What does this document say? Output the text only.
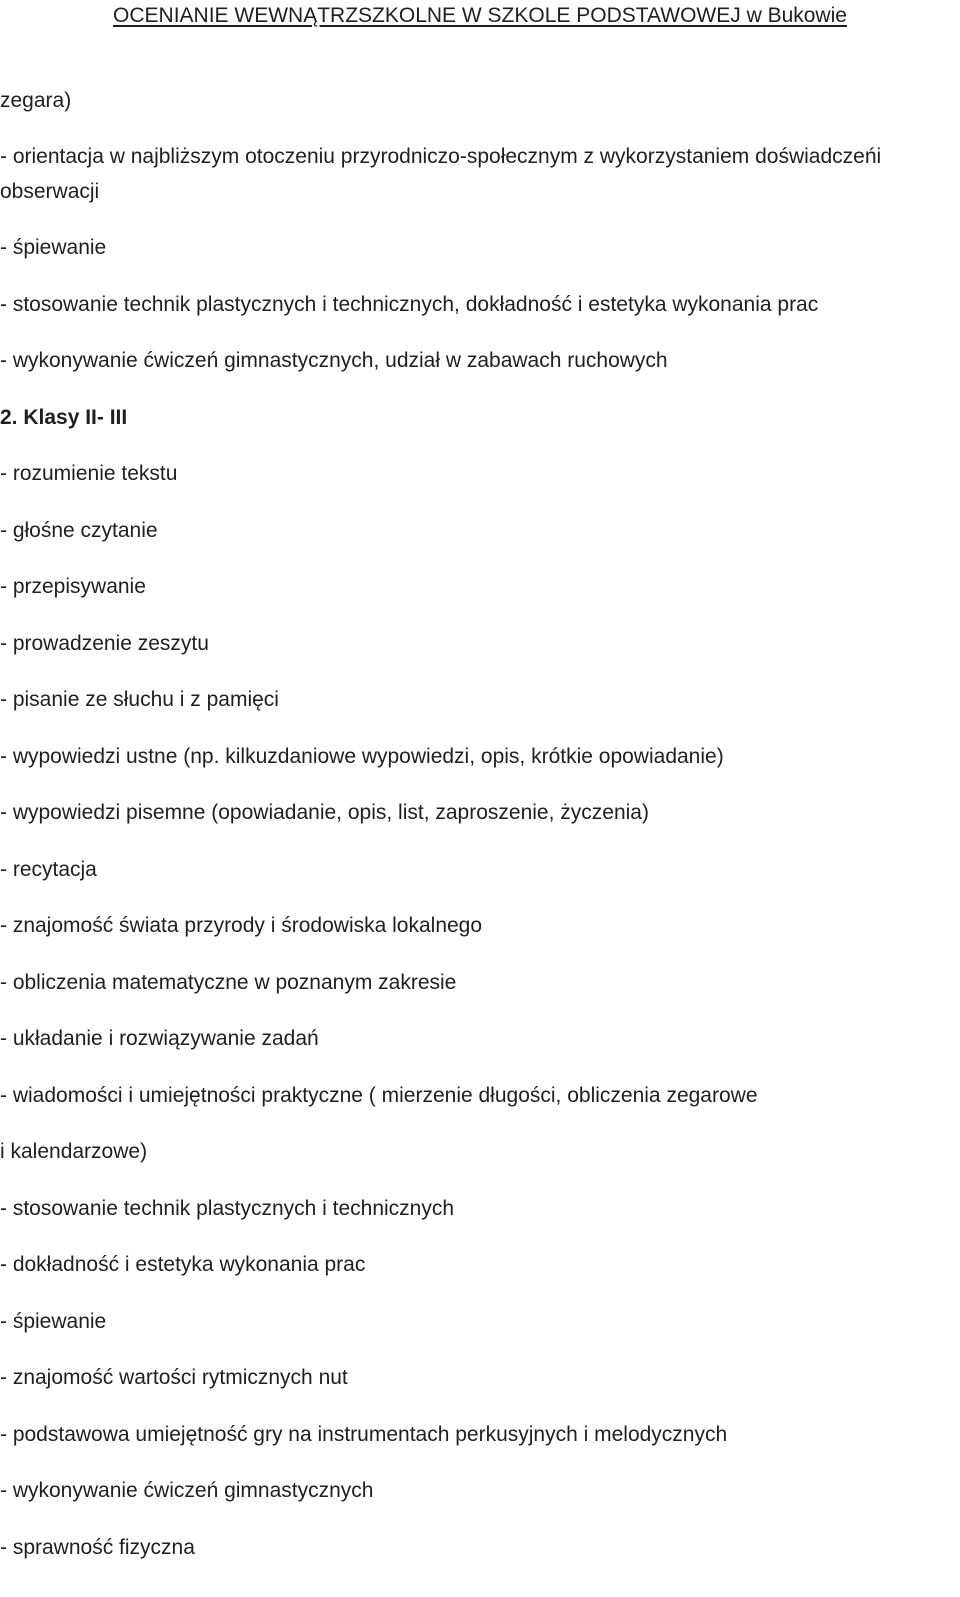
OCENIANIE WEWNĄTRZSZKOLNE W SZKOLE PODSTAWOWEJ w Bukowie

zegara)

- orientacja w najbliższym otoczeniu przyrodniczo-społecznym z wykorzystaniem doświadczeńi

obserwacji

- śpiewanie

- stosowanie technik plastycznych i technicznych, dokładność i estetyka wykonania prac

- wykonywanie ćwiczeń gimnastycznych, udział w zabawach ruchowych

2. Klasy II- III

- rozumienie tekstu

- głośne czytanie

- przepisywanie

- prowadzenie zeszytu

- pisanie ze słuchu i z pamięci

- wypowiedzi ustne (np. kilkuzdaniowe wypowiedzi, opis, krótkie opowiadanie)

- wypowiedzi pisemne (opowiadanie, opis, list, zaproszenie, życzenia)

- recytacja

- znajomość świata przyrody i środowiska lokalnego

- obliczenia matematyczne w poznanym zakresie

- układanie i rozwiązywanie zadań

- wiadomości i umiejętności praktyczne ( mierzenie długości, obliczenia zegarowe

i kalendarzowe)

- stosowanie technik plastycznych i technicznych

- dokładność i estetyka wykonania prac

- śpiewanie

- znajomość wartości rytmicznych nut

- podstawowa umiejętność gry na instrumentach perkusyjnych i melodycznych

- wykonywanie ćwiczeń gimnastycznych

- sprawność fizyczna
